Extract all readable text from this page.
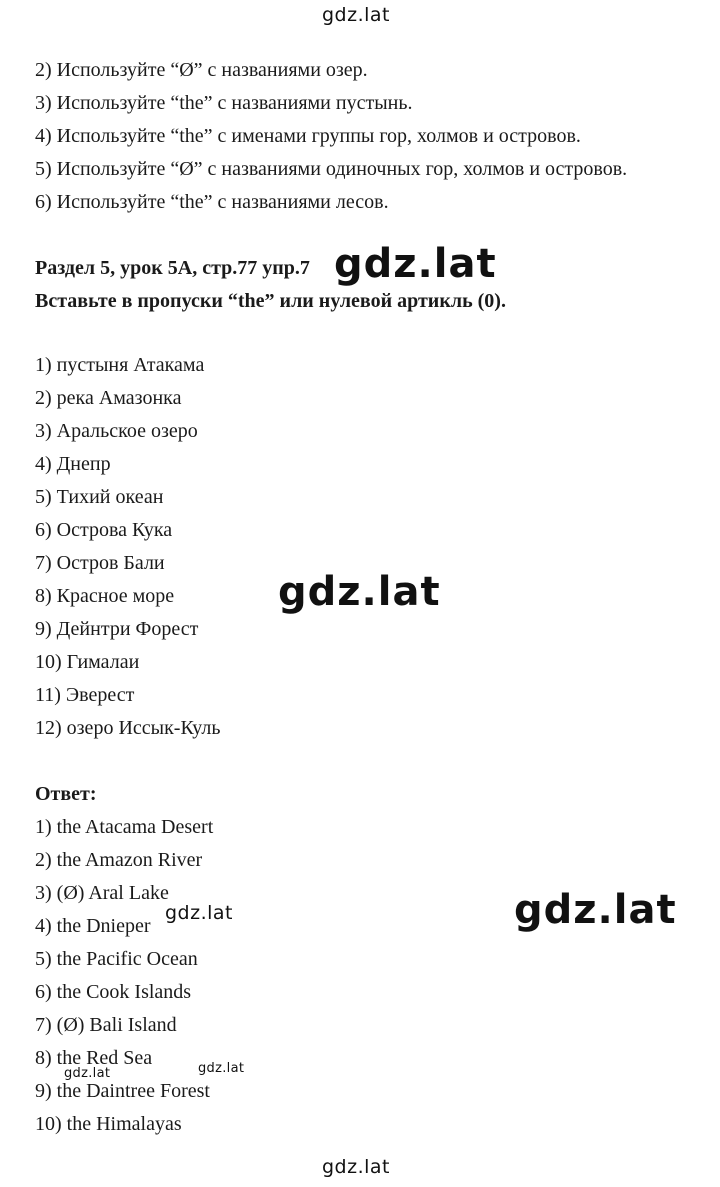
2) Используйте “Ø” с названиями озер.
3) Используйте “the” с названиями пустынь.
4) Используйте “the” с именами группы гор, холмов и островов.
5) Используйте “Ø” с названиями одиночных гор, холмов и островов.
6) Используйте “the” с названиями лесов.
Раздел 5, урок 5А, стр.77 упр.7
Вставьте в пропуски “the” или нулевой артикль (0).
1) пустыня Атакама
2) река Амазонка
3) Аральское озеро
4) Днепр
5) Тихий океан
6) Острова Кука
7) Остров Бали
8) Красное море
9) Дейнтри Форест
10) Гималаи
11) Эверест
12) озеро Иссык-Куль
Ответ:
1) the Atacama Desert
2) the Amazon River
3) (Ø) Aral Lake
4) the Dnieper
5) the Pacific Ocean
6) the Cook Islands
7) (Ø) Bali Island
8) the Red Sea
9) the Daintree Forest
10) the Himalayas
gdz.lat
gdz.lat
gdz.lat
gdz.lat
gdz.lat
gdz.lat	gdz.lat
gdz.lat
